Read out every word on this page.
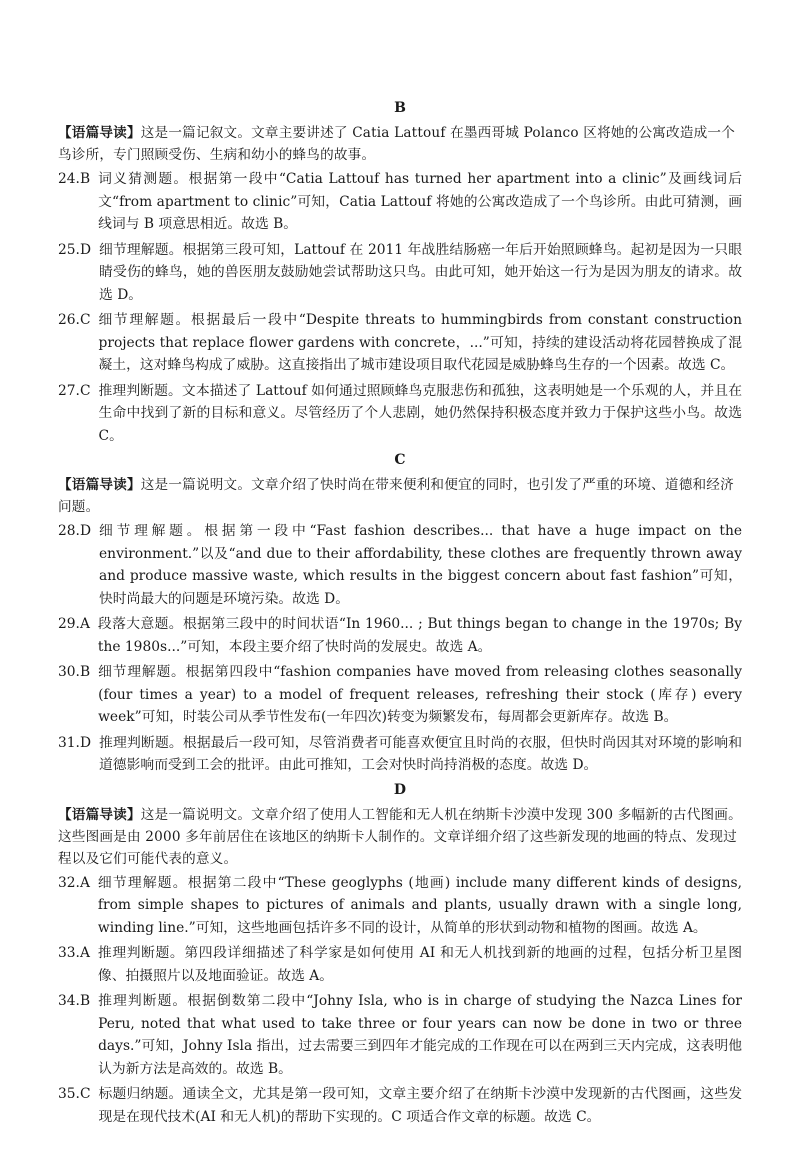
B
【语篇导读】这是一篇记叙文。文章主要讲述了 Catia Lattouf 在墨西哥城 Polanco 区将她的公寓改造成一个鸟诊所，专门照顾受伤、生病和幼小的蜂鸟的故事。
24. B 词义猜测题。根据第一段中“Catia Lattouf has turned her apartment into a clinic”及画线词后文“from apartment to clinic”可知，Catia Lattouf 将她的公寓改造成了一个鸟诊所。由此可猜测，画线词与 B 项意思相近。故选 B。
25. D 细节理解题。根据第三段可知，Lattouf 在 2011 年战胜结肠癌一年后开始照顾蜂鸟。起初是因为一只眼睛受伤的蜂鸟，她的兽医朋友鼓励她尝试帮助这只鸟。由此可知，她开始这一行为是因为朋友的请求。故选 D。
26. C 细节理解题。根据最后一段中“Despite threats to hummingbirds from constant construction projects that replace flower gardens with concrete，...”可知，持续的建设活动将花园替换成了混凝土，这对蜂鸟构成了威胁。这直接指出了城市建设项目取代花园是威胁蜂鸟生存的一个因素。故选 C。
27. C 推理判断题。文本描述了 Lattouf 如何通过照顾蜂鸟克服悲伤和孤独，这表明她是一个乐观的人，并且在生命中找到了新的目标和意义。尽管经历了个人悲剧，她仍然保持积极态度并致力于保护这些小鸟。故选 C。
C
【语篇导读】这是一篇说明文。文章介绍了快时尚在带来便利和便宜的同时，也引发了严重的环境、道德和经济问题。
28. D 细节理解题。根据第一段中“Fast fashion describes... that have a huge impact on the environment.”以及“and due to their affordability, these clothes are frequently thrown away and produce massive waste, which results in the biggest concern about fast fashion”可知，快时尚最大的问题是环境污染。故选 D。
29. A 段落大意题。根据第三段中的时间状语“In 1960... ; But things began to change in the 1970s; By the 1980s...”可知，本段主要介绍了快时尚的发展史。故选 A。
30. B 细节理解题。根据第四段中“fashion companies have moved from releasing clothes seasonally (four times a year) to a model of frequent releases, refreshing their stock (库存) every week”可知，时装公司从季节性发布(一年四次)转变为频繁发布，每周都会更新库存。故选 B。
31. D 推理判断题。根据最后一段可知，尽管消费者可能喜欢便宜且时尚的衣服，但快时尚因其对环境的影响和道德影响而受到工会的批评。由此可推知，工会对快时尚持消极的态度。故选 D。
D
【语篇导读】这是一篇说明文。文章介绍了使用人工智能和无人机在纳斯卡沙漠中发现 300 多幅新的古代图画。这些图画是由 2000 多年前居住在该地区的纳斯卡人制作的。文章详细介绍了这些新发现的地画的特点、发现过程以及它们可能代表的意义。
32. A 细节理解题。根据第二段中“These geoglyphs (地画) include many different kinds of designs, from simple shapes to pictures of animals and plants, usually drawn with a single long, winding line.”可知，这些地画包括许多不同的设计，从简单的形状到动物和植物的图画。故选 A。
33. A 推理判断题。第四段详细描述了科学家是如何使用 AI 和无人机找到新的地画的过程，包括分析卫星图像、拍摄照片以及地面验证。故选 A。
34. B 推理判断题。根据倒数第二段中“Johny Isla, who is in charge of studying the Nazca Lines for Peru, noted that what used to take three or four years can now be done in two or three days.”可知，Johny Isla 指出，过去需要三到四年才能完成的工作现在可以在两到三天内完成，这表明他认为新方法是高效的。故选 B。
35. C 标题归纳题。通读全文，尤其是第一段可知，文章主要介绍了在纳斯卡沙漠中发现新的古代图画，这些发现是在现代技术(AI 和无人机)的帮助下实现的。C 项适合作文章的标题。故选 C。
